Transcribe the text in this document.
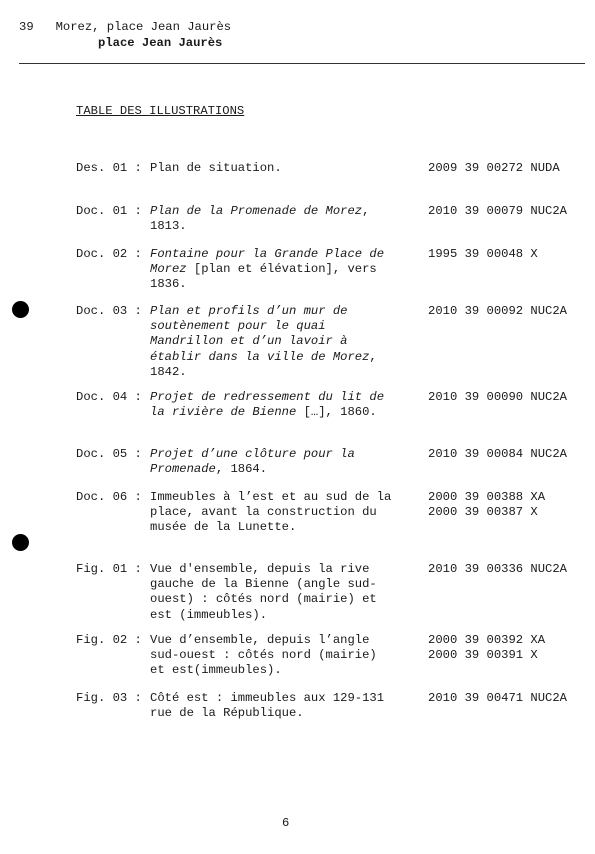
39 Morez, place Jean Jaurès
place Jean Jaurès
TABLE DES ILLUSTRATIONS
Des. 01 : Plan de situation.	2009 39 00272 NUDA
Doc. 01 : Plan de la Promenade de Morez, 1813.
2010 39 00079 NUC2A
Doc. 02 : Fontaine pour la Grande Place de Morez [plan et élévation], vers 1836.
1995 39 00048 X
Doc. 03 : Plan et profils d’un mur de soutènement pour le quai Mandrillon et d’un lavoir à établir dans la ville de Morez, 1842.
2010 39 00092 NUC2A
Doc. 04 : Projet de redressement du lit de la rivière de Bienne […], 1860.
2010 39 00090 NUC2A
Doc. 05 : Projet d’une clôture pour la Promenade, 1864.
2010 39 00084 NUC2A
Doc. 06 : Immeubles à l’est et au sud de la place, avant la construction du musée de la Lunette.
2000 39 00388 XA
2000 39 00387 X
Fig. 01 : Vue d'ensemble, depuis la rive gauche de la Bienne (angle sud-ouest) : côtés nord (mairie) et est (immeubles).
2010 39 00336 NUC2A
Fig. 02 : Vue d’ensemble, depuis l’angle sud-ouest : côtés nord (mairie) et est(immeubles).
2000 39 00392 XA
2000 39 00391 X
Fig. 03 : Côté est : immeubles aux 129-131 rue de la République.
2010 39 00471 NUC2A
6
